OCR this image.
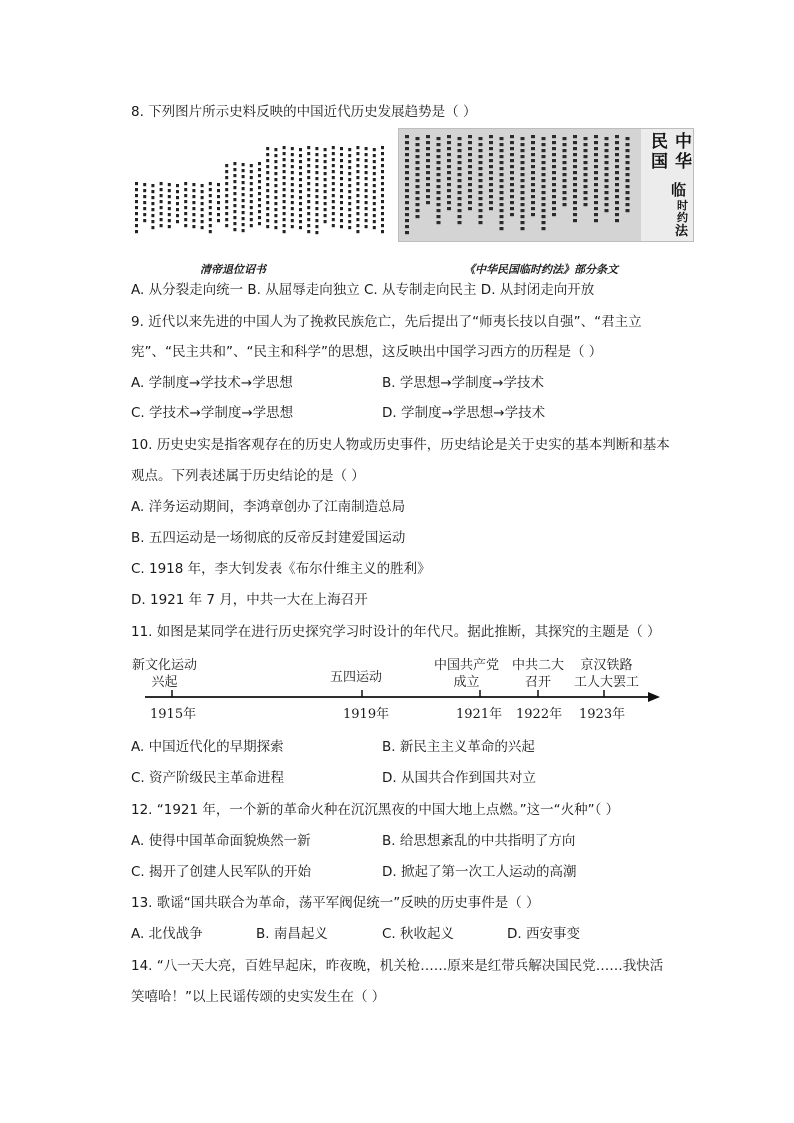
8. 下列图片所示史料反映的中国近代历史发展趋势是（ ）
中
华
民
国
临
时
约
法
清帝退位诏书	《中华民国临时约法》部分条文
A. 从分裂走向统一 B. 从屈辱走向独立 C. 从专制走向民主 D. 从封闭走向开放
9. 近代以来先进的中国人为了挽救民族危亡，先后提出了“师夷长技以自强”、“君主立
宪”、“民主共和”、“民主和科学”的思想，这反映出中国学习西方的历程是（ ）
A. 学制度→学技术→学思想	B. 学思想→学制度→学技术
C. 学技术→学制度→学思想	D. 学制度→学思想→学技术
10. 历史史实是指客观存在的历史人物或历史事件，历史结论是关于史实的基本判断和基本
观点。下列表述属于历史结论的是（ ）
A. 洋务运动期间，李鸿章创办了江南制造总局
B. 五四运动是一场彻底的反帝反封建爱国运动
C. 1918 年，李大钊发表《布尔什维主义的胜利》
D. 1921 年 7 月，中共一大在上海召开
11. 如图是某同学在进行历史探究学习时设计的年代尺。据此推断，其探究的主题是（ ）
新文化运动
兴起	五四运动
中国共产党
成立
中共二大
召开
京汉铁路
工人大罢工
1915年	1919年	1921年 1922年 1923年
A. 中国近代化的早期探索	B. 新民主主义革命的兴起
C. 资产阶级民主革命进程	D. 从国共合作到国共对立
12. “1921 年，一个新的革命火种在沉沉黑夜的中国大地上点燃。”这一“火种”（ ）
A. 使得中国革命面貌焕然一新	B. 给思想紊乱的中共指明了方向
C. 揭开了创建人民军队的开始	D. 掀起了第一次工人运动的高潮
13. 歌谣“国共联合为革命，荡平军阀促统一”反映的历史事件是（ ）
A. 北伐战争	B. 南昌起义	C. 秋收起义	D. 西安事变
14. “八一天大亮，百姓早起床，昨夜晚，机关枪……原来是红带兵解决国民党……我快活
笑嘻哈！”以上民谣传颂的史实发生在（ ）
